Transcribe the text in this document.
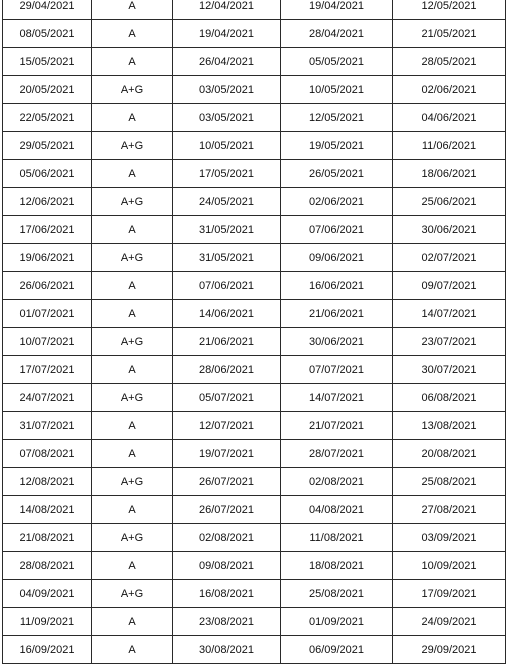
29/04/2021	A	12/04/2021	19/04/2021	12/05/2021
08/05/2021	A	19/04/2021	28/04/2021	21/05/2021
15/05/2021	A	26/04/2021	05/05/2021	28/05/2021
20/05/2021	A+G	03/05/2021	10/05/2021	02/06/2021
22/05/2021	A	03/05/2021	12/05/2021	04/06/2021
29/05/2021	A+G	10/05/2021	19/05/2021	11/06/2021
05/06/2021	A	17/05/2021	26/05/2021	18/06/2021
12/06/2021	A+G	24/05/2021	02/06/2021	25/06/2021
17/06/2021	A	31/05/2021	07/06/2021	30/06/2021
19/06/2021	A+G	31/05/2021	09/06/2021	02/07/2021
26/06/2021	A	07/06/2021	16/06/2021	09/07/2021
01/07/2021	A	14/06/2021	21/06/2021	14/07/2021
10/07/2021	A+G	21/06/2021	30/06/2021	23/07/2021
17/07/2021	A	28/06/2021	07/07/2021	30/07/2021
24/07/2021	A+G	05/07/2021	14/07/2021	06/08/2021
31/07/2021	A	12/07/2021	21/07/2021	13/08/2021
07/08/2021	A	19/07/2021	28/07/2021	20/08/2021
12/08/2021	A+G	26/07/2021	02/08/2021	25/08/2021
14/08/2021	A	26/07/2021	04/08/2021	27/08/2021
21/08/2021	A+G	02/08/2021	11/08/2021	03/09/2021
28/08/2021	A	09/08/2021	18/08/2021	10/09/2021
04/09/2021	A+G	16/08/2021	25/08/2021	17/09/2021
11/09/2021	A	23/08/2021	01/09/2021	24/09/2021
16/09/2021	A	30/08/2021	06/09/2021	29/09/2021
